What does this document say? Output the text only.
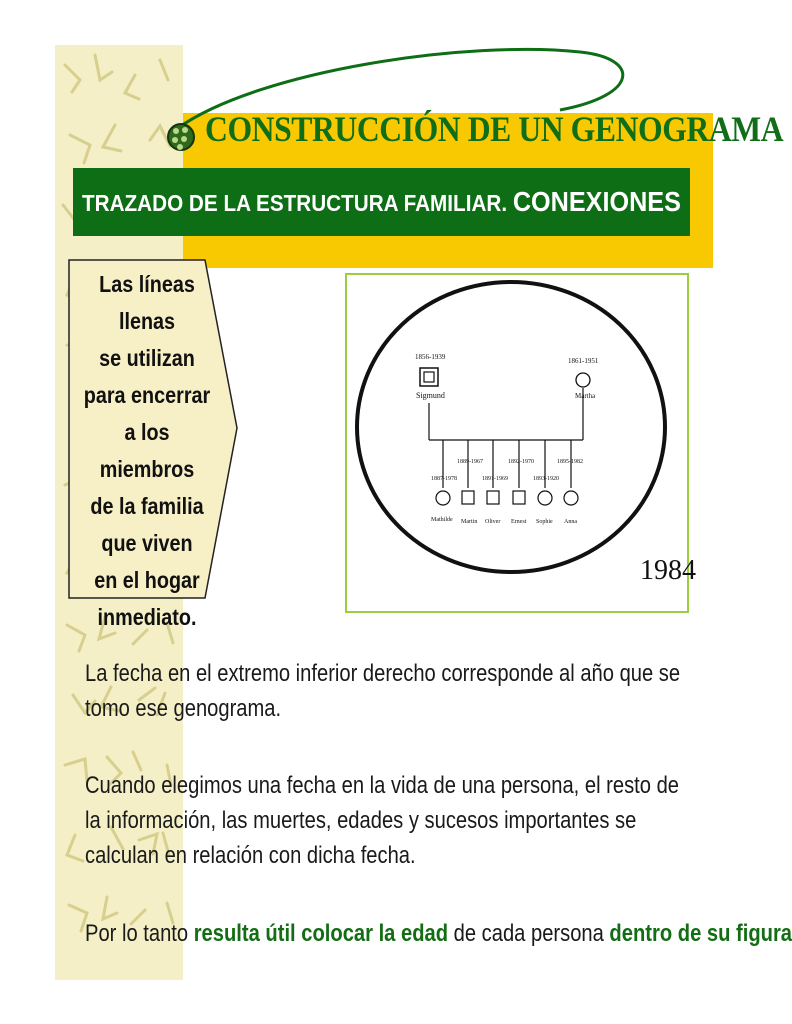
CONSTRUCCIÓN DE UN GENOGRAMA
TRAZADO DE LA ESTRUCTURA FAMILIAR. CONEXIONES
Las líneas
llenas
se utilizan
para encerrar
a los miembros
de la familia
que viven
en el hogar
inmediato.
1856-1939
Sigmund
1861-1951
Martha
1887-1978
Mathilde
1889-1967
Martin
1891-1969
Oliver
1892-1970
Ernest
1893-1920
Sophie
1895-1982
Anna
1984

La fecha en el extremo inferior derecho corresponde al año que se tomo ese genograma.

Cuando elegimos una fecha en la vida de una persona, el resto de la información, las muertes, edades y sucesos importantes se calculan en relación con dicha fecha.

Por lo tanto resulta útil colocar la edad de cada persona dentro de su figura
